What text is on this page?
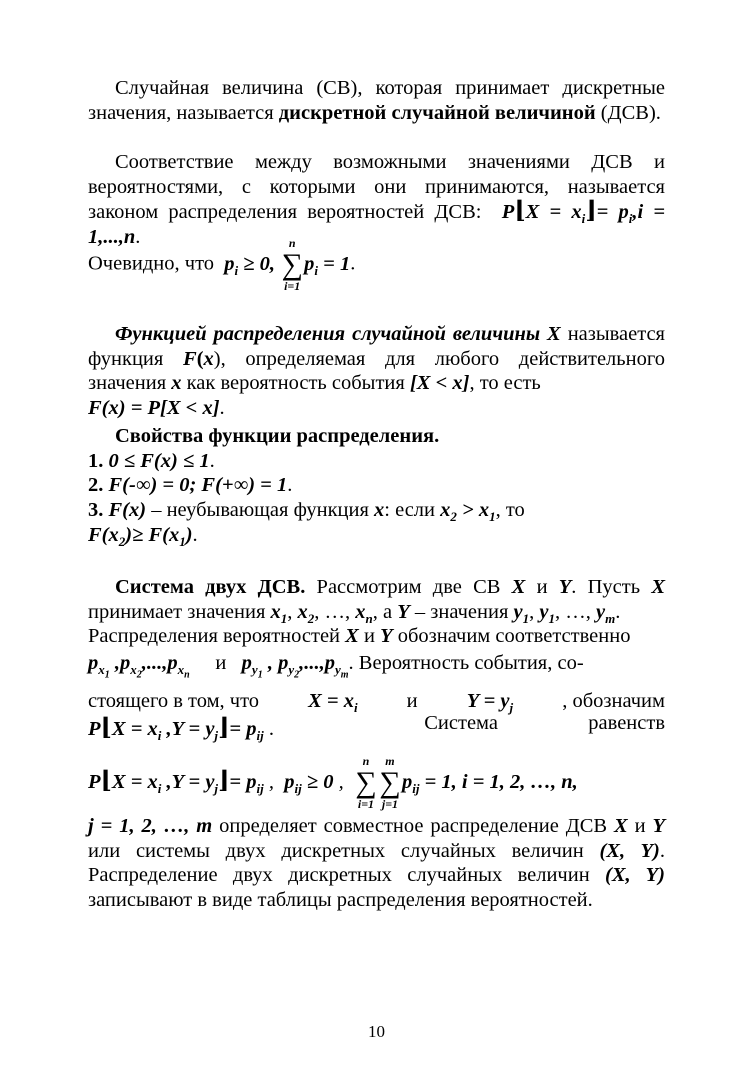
Случайная величина (СВ), которая принимает дискретные значения, называется дискретной случайной величиной (ДСВ).
Соответствие между возможными значениями ДСВ и вероятностями, с которыми они принимаются, называется законом распределения вероятностей ДСВ: P⌊X = $x_i⌋= p_i,i = 1,...,n$.
Очевидно, что $p_i \ge 0$,
n
∑
i=1
$p_i = 1$.
Функцией распределения случайной величины X называется функция F(x), определяемая для любого действительного значения x как вероятность события [X < x], то есть
F(x) = P[X < x].
Свойства функции распределения.
1. 0 ≤ F(x) ≤ 1.
2. F(-∞) = 0; F(+∞) = 1.
3. F(x) – неубывающая функция x: если $x_2 > x_1$, то
$F(x_2)\ge F(x_1)$.
Система двух ДСВ. Рассмотрим две СВ X и Y. Пусть X принимает значения $x_1$, $x_2$, …, $x_n$, а Y – значения $y_1$, $y_1$, …, $y_m$.
Распределения вероятностей X и Y обозначим соответственно
$p_{x_1}$ $,p_{x_2},...,p_{x_n}$     и $p_{y_1}$ , $p_{y_2},...,p_{y_m}$. Вероятность события, со-
стоящего в том, что $X = x_i$ и $Y = y_j$ , обозначим
P⌊X = $x_i$ $,Y = y_j⌋= p_{ij}$ .	Система	равенств
P⌊X = $x_i$ $,Y = y_j⌋= p_{ij}$ , $p_{ij} \ge 0$ ,
n
∑
i=1
m
∑
j=1
$p_{ij} = 1$, i = 1, 2, …, n,
j = 1, 2, …, m определяет совместное распределение ДСВ X и Y или системы двух дискретных случайных величин (X, Y). Распределение двух дискретных случайных величин (X, Y) записывают в виде таблицы распределения вероятностей.
10
